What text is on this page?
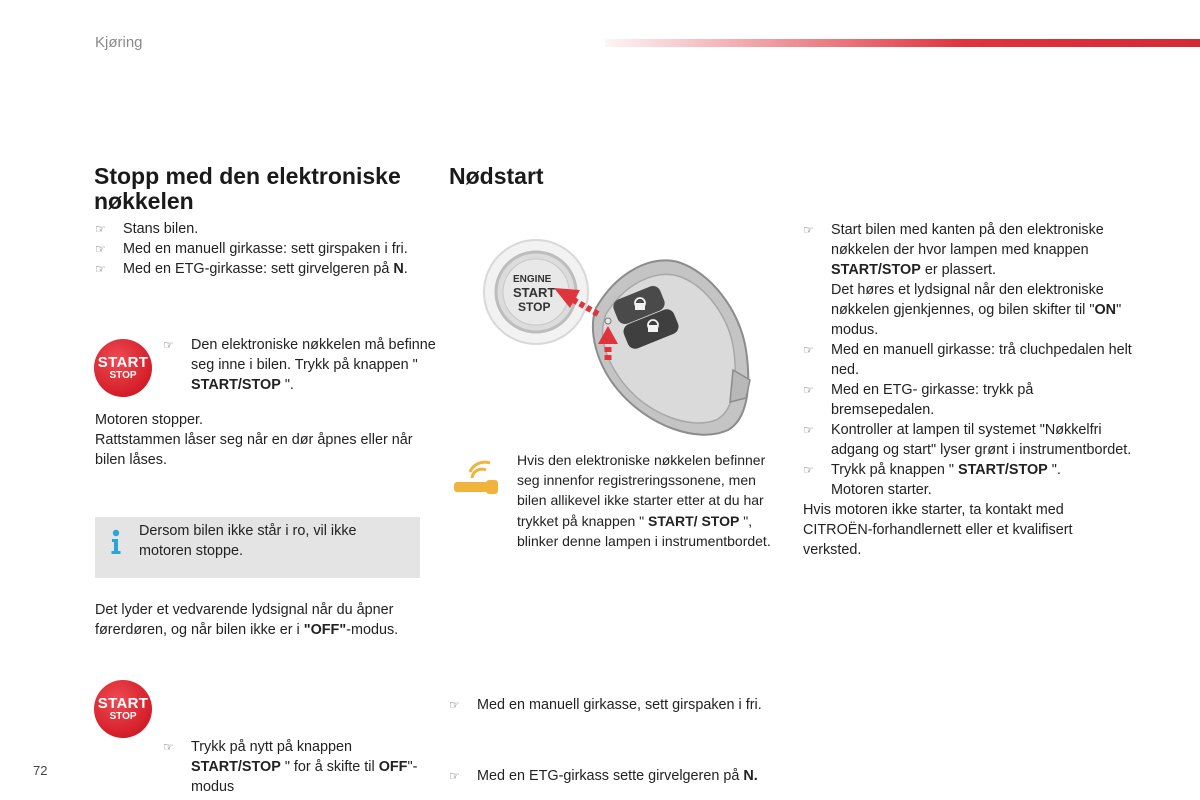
Kjøring
Stopp med den elektroniske nøkkelen
☞ Stans bilen.
☞ Med en manuell girkasse: sett girspaken i fri.
☞ Med en ETG-girkasse: sett girvelgeren på N.
START
STOP
☞ Den elektroniske nøkkelen må befinne seg inne i bilen. Trykk på knappen " START/STOP ".

Motoren stopper.

Rattstammen låser seg når en dør åpnes eller når bilen låses.

Dersom bilen ikke står i ro, vil ikke motoren stoppe.
Det lyder et vedvarende lydsignal når du åpner førerdøren, og når bilen ikke er i "OFF"-modus.
START
STOP
☞ Trykk på nytt på knappen START/STOP " for å skifte til OFF"-modus
Nødstart
ENGINE
START
STOP
Hvis den elektroniske nøkkelen befinner seg innenfor registreringssonene, men bilen allikevel ikke starter etter at du har trykket på knappen " START/ STOP ", blinker denne lampen i instrumentbordet.
☞ Med en manuell girkasse, sett girspaken i fri.
☞ Med en ETG-girkass sette girvelgeren på N.
☞ Start bilen med kanten på den elektroniske nøkkelen der hvor lampen med knappen START/STOP er plassert.
Det høres et lydsignal når den elektroniske nøkkelen gjenkjennes, og bilen skifter til "ON" modus.
☞ Med en manuell girkasse: trå cluchpedalen helt ned.
☞ Med en ETG- girkasse: trykk på bremsepedalen.
☞ Kontroller at lampen til systemet "Nøkkelfri adgang og start" lyser grønt i instrumentbordet.
☞ Trykk på knappen " START/STOP ".
Motoren starter.

Hvis motoren ikke starter, ta kontakt med CITROËN-forhandlernett eller et kvalifisert verksted.

72
